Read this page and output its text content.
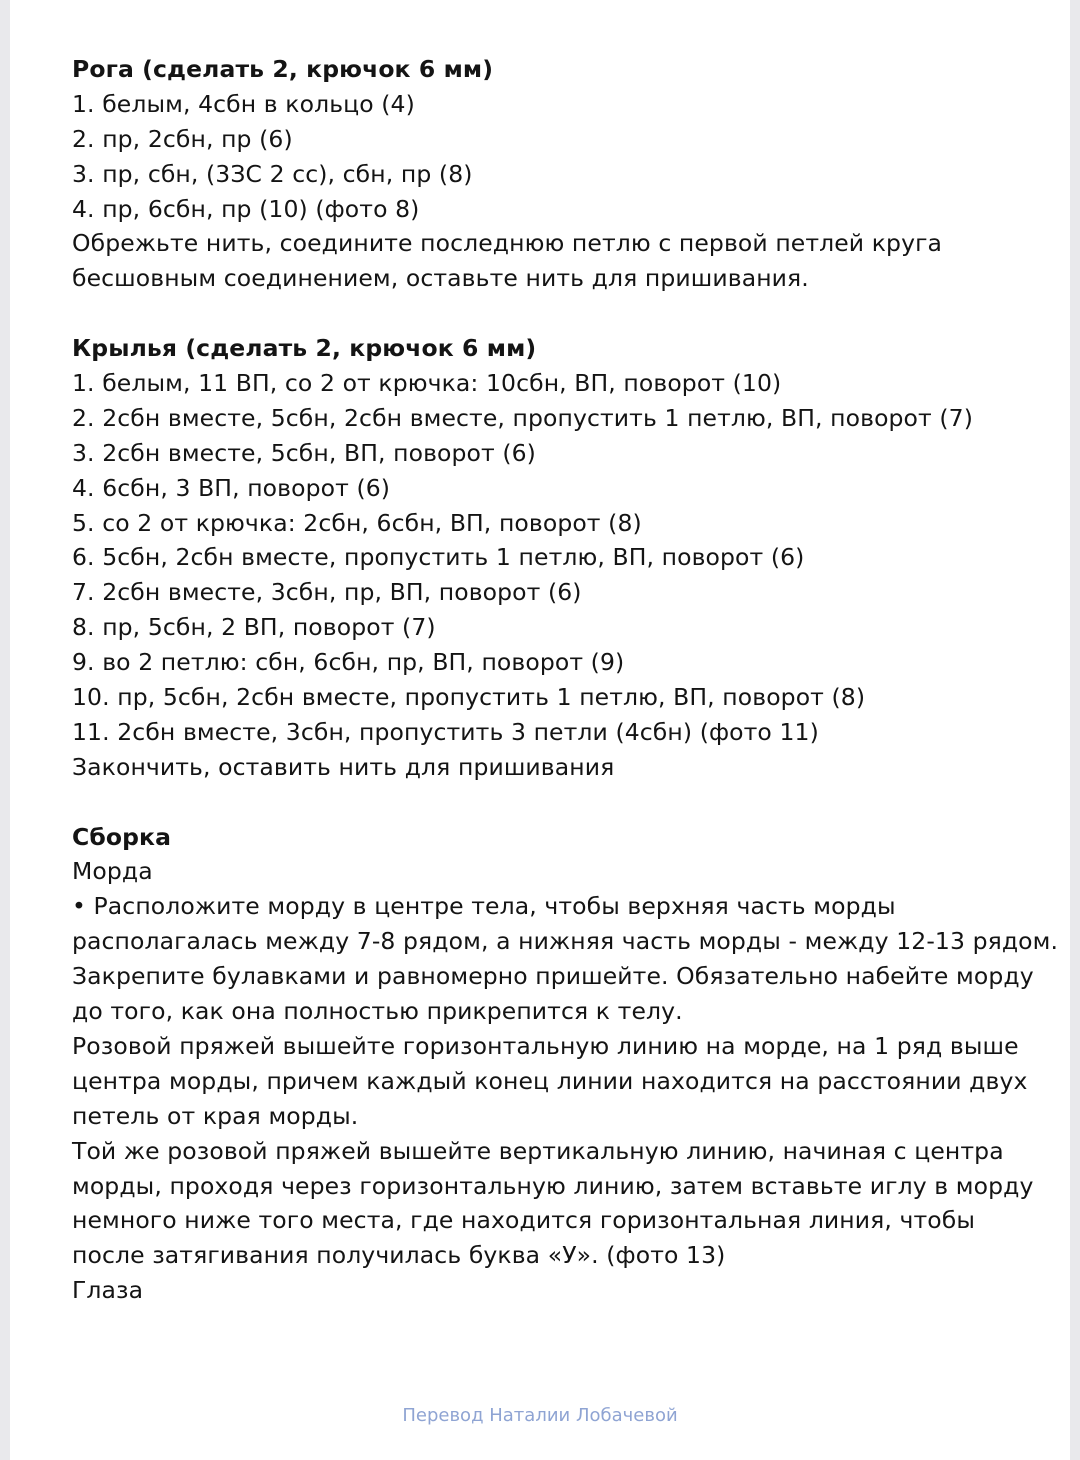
Рога (сделать 2, крючок 6 мм)
1. белым, 4сбн в кольцо (4)
2. пр, 2сбн, пр (6)
3. пр, сбн, (3ЗС 2 сс), сбн, пр (8)
4. пр, 6сбн, пр (10) (фото 8)
Обрежьте нить, соедините последнюю петлю с первой петлей круга
бесшовным соединением, оставьте нить для пришивания.
Крылья (сделать 2, крючок 6 мм)
1. белым, 11 ВП, со 2 от крючка: 10сбн, ВП, поворот (10)
2. 2сбн вместе, 5сбн, 2сбн вместе, пропустить 1 петлю, ВП, поворот (7)
3. 2сбн вместе, 5сбн, ВП, поворот (6)
4. 6сбн, 3 ВП, поворот (6)
5. со 2 от крючка: 2сбн, 6сбн, ВП, поворот (8)
6. 5сбн, 2сбн вместе, пропустить 1 петлю, ВП, поворот (6)
7. 2сбн вместе, 3сбн, пр, ВП, поворот (6)
8. пр, 5сбн, 2 ВП, поворот (7)
9. во 2 петлю: сбн, 6сбн, пр, ВП, поворот (9)
10. пр, 5сбн, 2сбн вместе, пропустить 1 петлю, ВП, поворот (8)
11. 2сбн вместе, 3сбн, пропустить 3 петли (4сбн) (фото 11)
Закончить, оставить нить для пришивания
Сборка
Морда
• Расположите морду в центре тела, чтобы верхняя часть морды
располагалась между 7-8 рядом, а нижняя часть морды - между 12-13 рядом.
Закрепите булавками и равномерно пришейте. Обязательно набейте морду
до того, как она полностью прикрепится к телу.
Розовой пряжей вышейте горизонтальную линию на морде, на 1 ряд выше
центра морды, причем каждый конец линии находится на расстоянии двух
петель от края морды.
Той же розовой пряжей вышейте вертикальную линию, начиная с центра
морды, проходя через горизонтальную линию, затем вставьте иглу в морду
немного ниже того места, где находится горизонтальная линия, чтобы
после затягивания получилась буква «У». (фото 13)
Глаза
Перевод Наталии Лобачевой
